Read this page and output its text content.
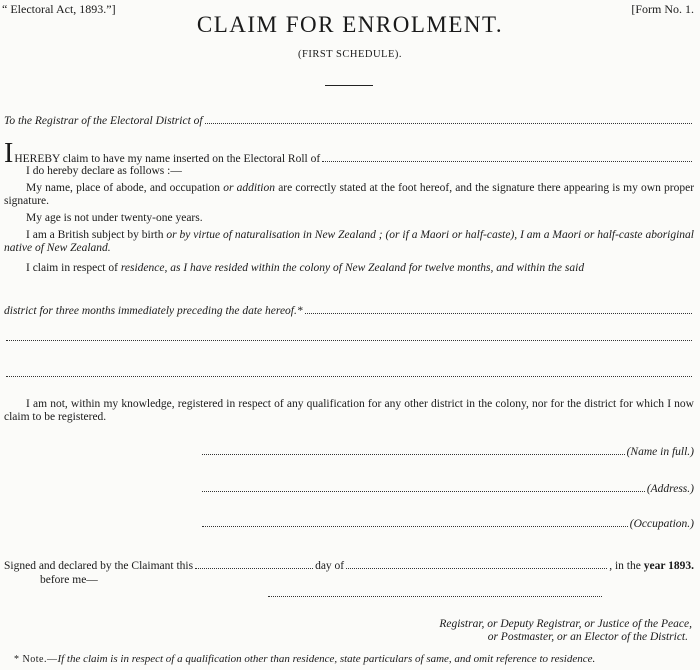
“ Electoral Act, 1893.”]	[Form No. 1.
CLAIM FOR ENROLMENT.
(FIRST SCHEDULE).
To the Registrar of the Electoral District of
I HEREBY claim to have my name inserted on the Electoral Roll of
I do hereby declare as follows :—
My name, place of abode, and occupation or addition are correctly stated at the foot hereof, and the signature there appearing is my own proper signature.
My age is not under twenty-one years.
I am a British subject by birth or by virtue of naturalisation in New Zealand ; (or if a Maori or half-caste), I am a Maori or half-caste aboriginal native of New Zealand.
I claim in respect of residence, as I have resided within the colony of New Zealand for twelve months, and within the said
district for three months immediately preceding the date hereof.*
I am not, within my knowledge, registered in respect of any qualification for any other district in the colony, nor for the district for which I now claim to be registered.
(Name in full.)
(Address.)
(Occupation.)
Signed and declared by the Claimant this	day of	, in the
year 1893.
before me—
Registrar, or Deputy Registrar, or Justice of the Peace,
or Postmaster, or an Elector of the District.
* Note.—If the claim is in respect of a qualification other than residence, state particulars of same, and omit reference to residence.
